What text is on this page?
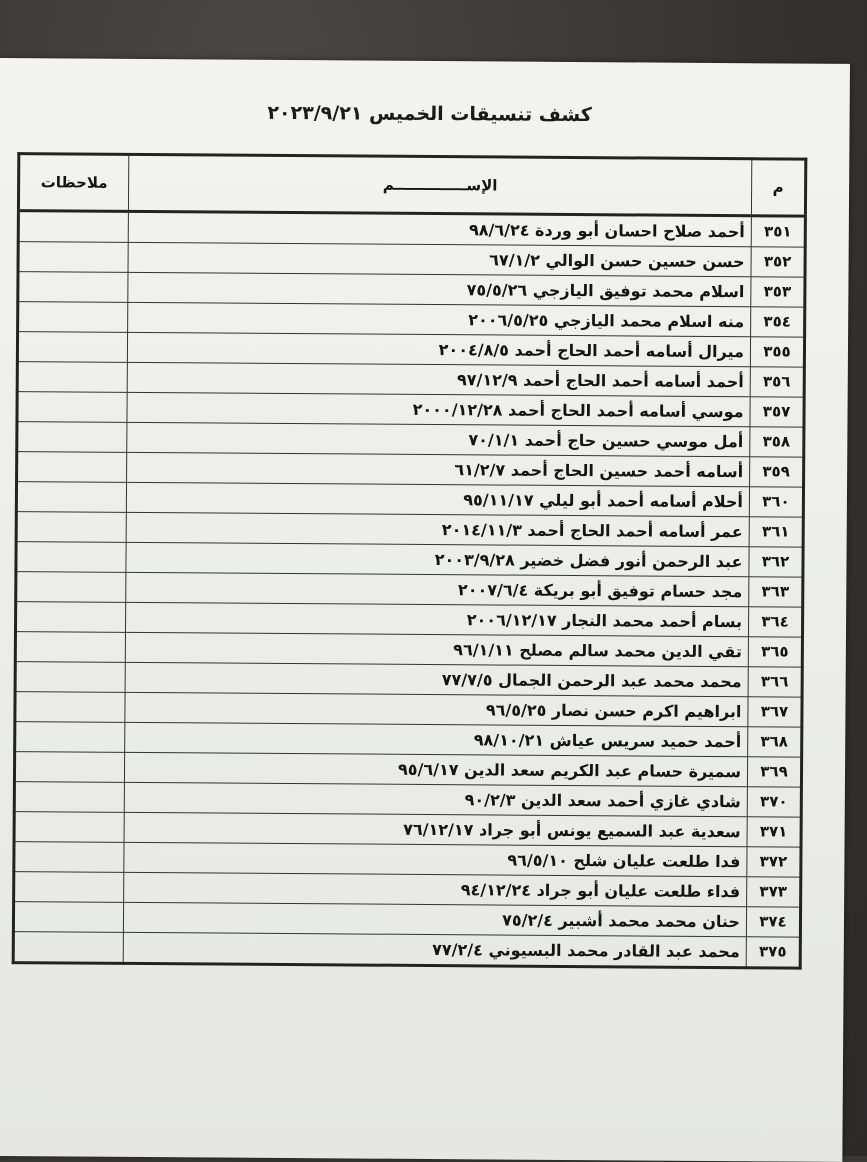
كشف تنسيقات الخميس ٢٠٢٣/٩/٢١
م	الإســــــــــــــم	ملاحظات
٣٥١	أحمد صلاح احسان أبو وردة ٩٨/٦/٢٤	
٣٥٢	حسن حسين حسن الوالي ٦٧/١/٢	
٣٥٣	اسلام محمد توفيق اليازجي ٧٥/٥/٢٦	
٣٥٤	منه اسلام محمد اليازجي ٢٠٠٦/٥/٢٥	
٣٥٥	ميرال أسامه أحمد الحاج أحمد ٢٠٠٤/٨/٥	
٣٥٦	أحمد أسامه أحمد الحاج أحمد ٩٧/١٢/٩	
٣٥٧	موسي أسامه أحمد الحاج أحمد ٢٠٠٠/١٢/٢٨	
٣٥٨	أمل موسي حسين حاج أحمد ٧٠/١/١	
٣٥٩	أسامه أحمد حسين الحاج أحمد ٦١/٢/٧	
٣٦٠	أحلام أسامه أحمد أبو ليلي ٩٥/١١/١٧	
٣٦١	عمر أسامه أحمد الحاج أحمد ٢٠١٤/١١/٣	
٣٦٢	عبد الرحمن أنور فضل خضير ٢٠٠٣/٩/٢٨	
٣٦٣	مجد حسام توفيق أبو بريكة ٢٠٠٧/٦/٤	
٣٦٤	بسام أحمد محمد النجار ٢٠٠٦/١٢/١٧	
٣٦٥	تقي الدين محمد سالم مصلح ٩٦/١/١١	
٣٦٦	محمد محمد عبد الرحمن الجمال ٧٧/٧/٥	
٣٦٧	ابراهيم اكرم حسن نصار ٩٦/٥/٢٥	
٣٦٨	أحمد حميد سريس عياش ٩٨/١٠/٢١	
٣٦٩	سميرة حسام عبد الكريم سعد الدين ٩٥/٦/١٧	
٣٧٠	شادي غازي أحمد سعد الدين ٩٠/٢/٣	
٣٧١	سعدية عبد السميع يونس أبو جراد ٧٦/١٢/١٧	
٣٧٢	فدا طلعت عليان شلح ٩٦/٥/١٠	
٣٧٣	فداء طلعت عليان أبو جراد ٩٤/١٢/٢٤	
٣٧٤	حنان محمد محمد أشبير ٧٥/٢/٤	
٣٧٥	محمد عبد القادر محمد البسيوني ٧٧/٢/٤	
